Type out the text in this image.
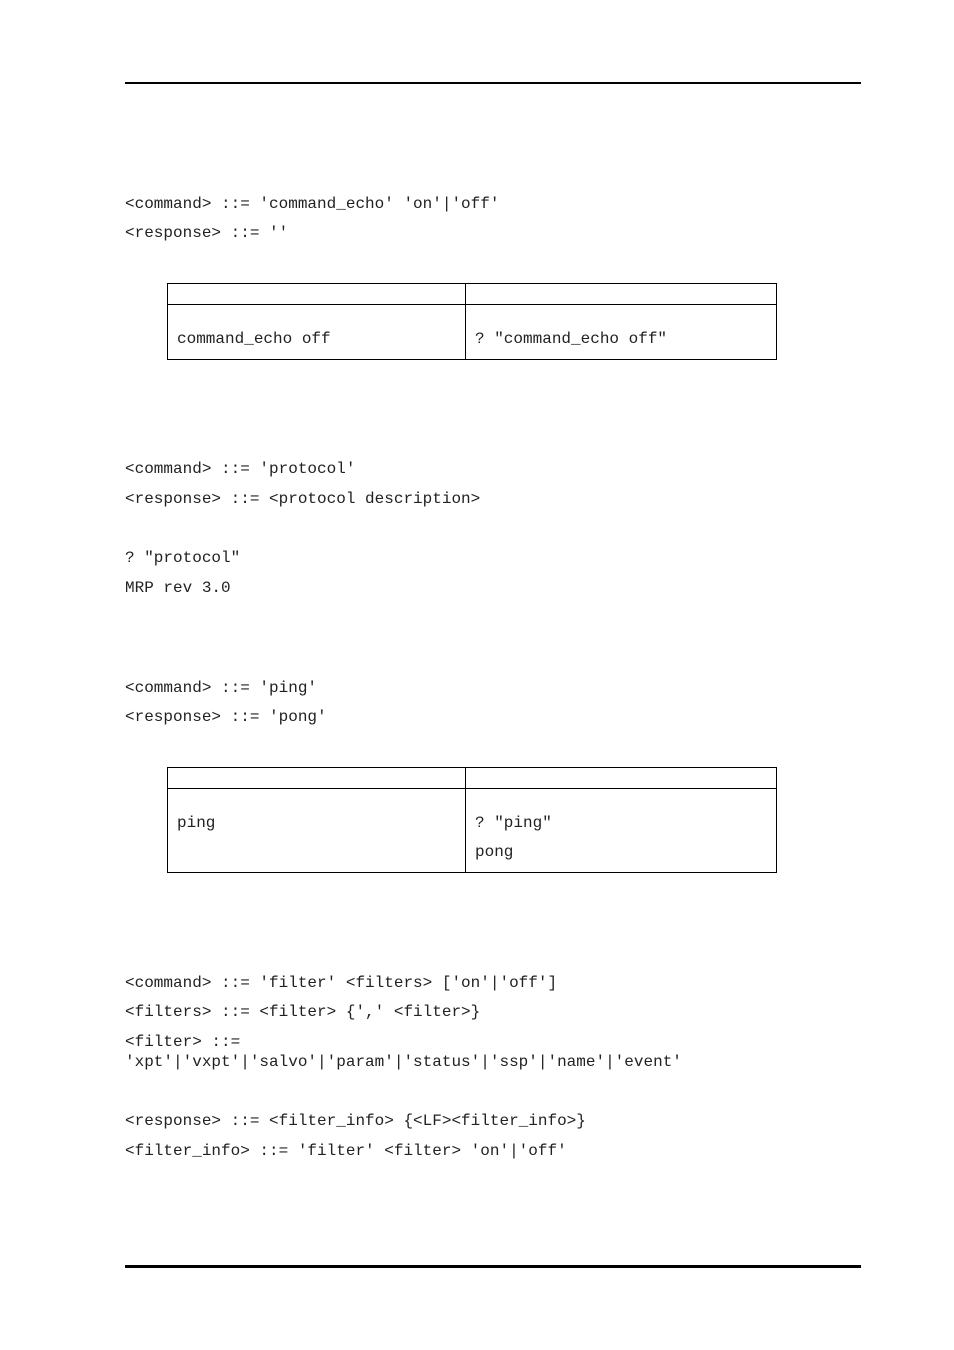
<command> ::= 'command_echo' 'on'|'off'
<response> ::= ''

command_echo off	? "command_echo off"
<command> ::= 'protocol'
<response> ::= <protocol description>
? "protocol"
MRP rev 3.0
<command> ::= 'ping'
<response> ::= 'pong'

ping	? "ping"
pong
<command> ::= 'filter' <filters> ['on'|'off']
<filters> ::= <filter> {',' <filter>}
<filter> ::=
'xpt'|'vxpt'|'salvo'|'param'|'status'|'ssp'|'name'|'event'
<response> ::= <filter_info> {<LF><filter_info>}
<filter_info> ::= 'filter' <filter> 'on'|'off'
